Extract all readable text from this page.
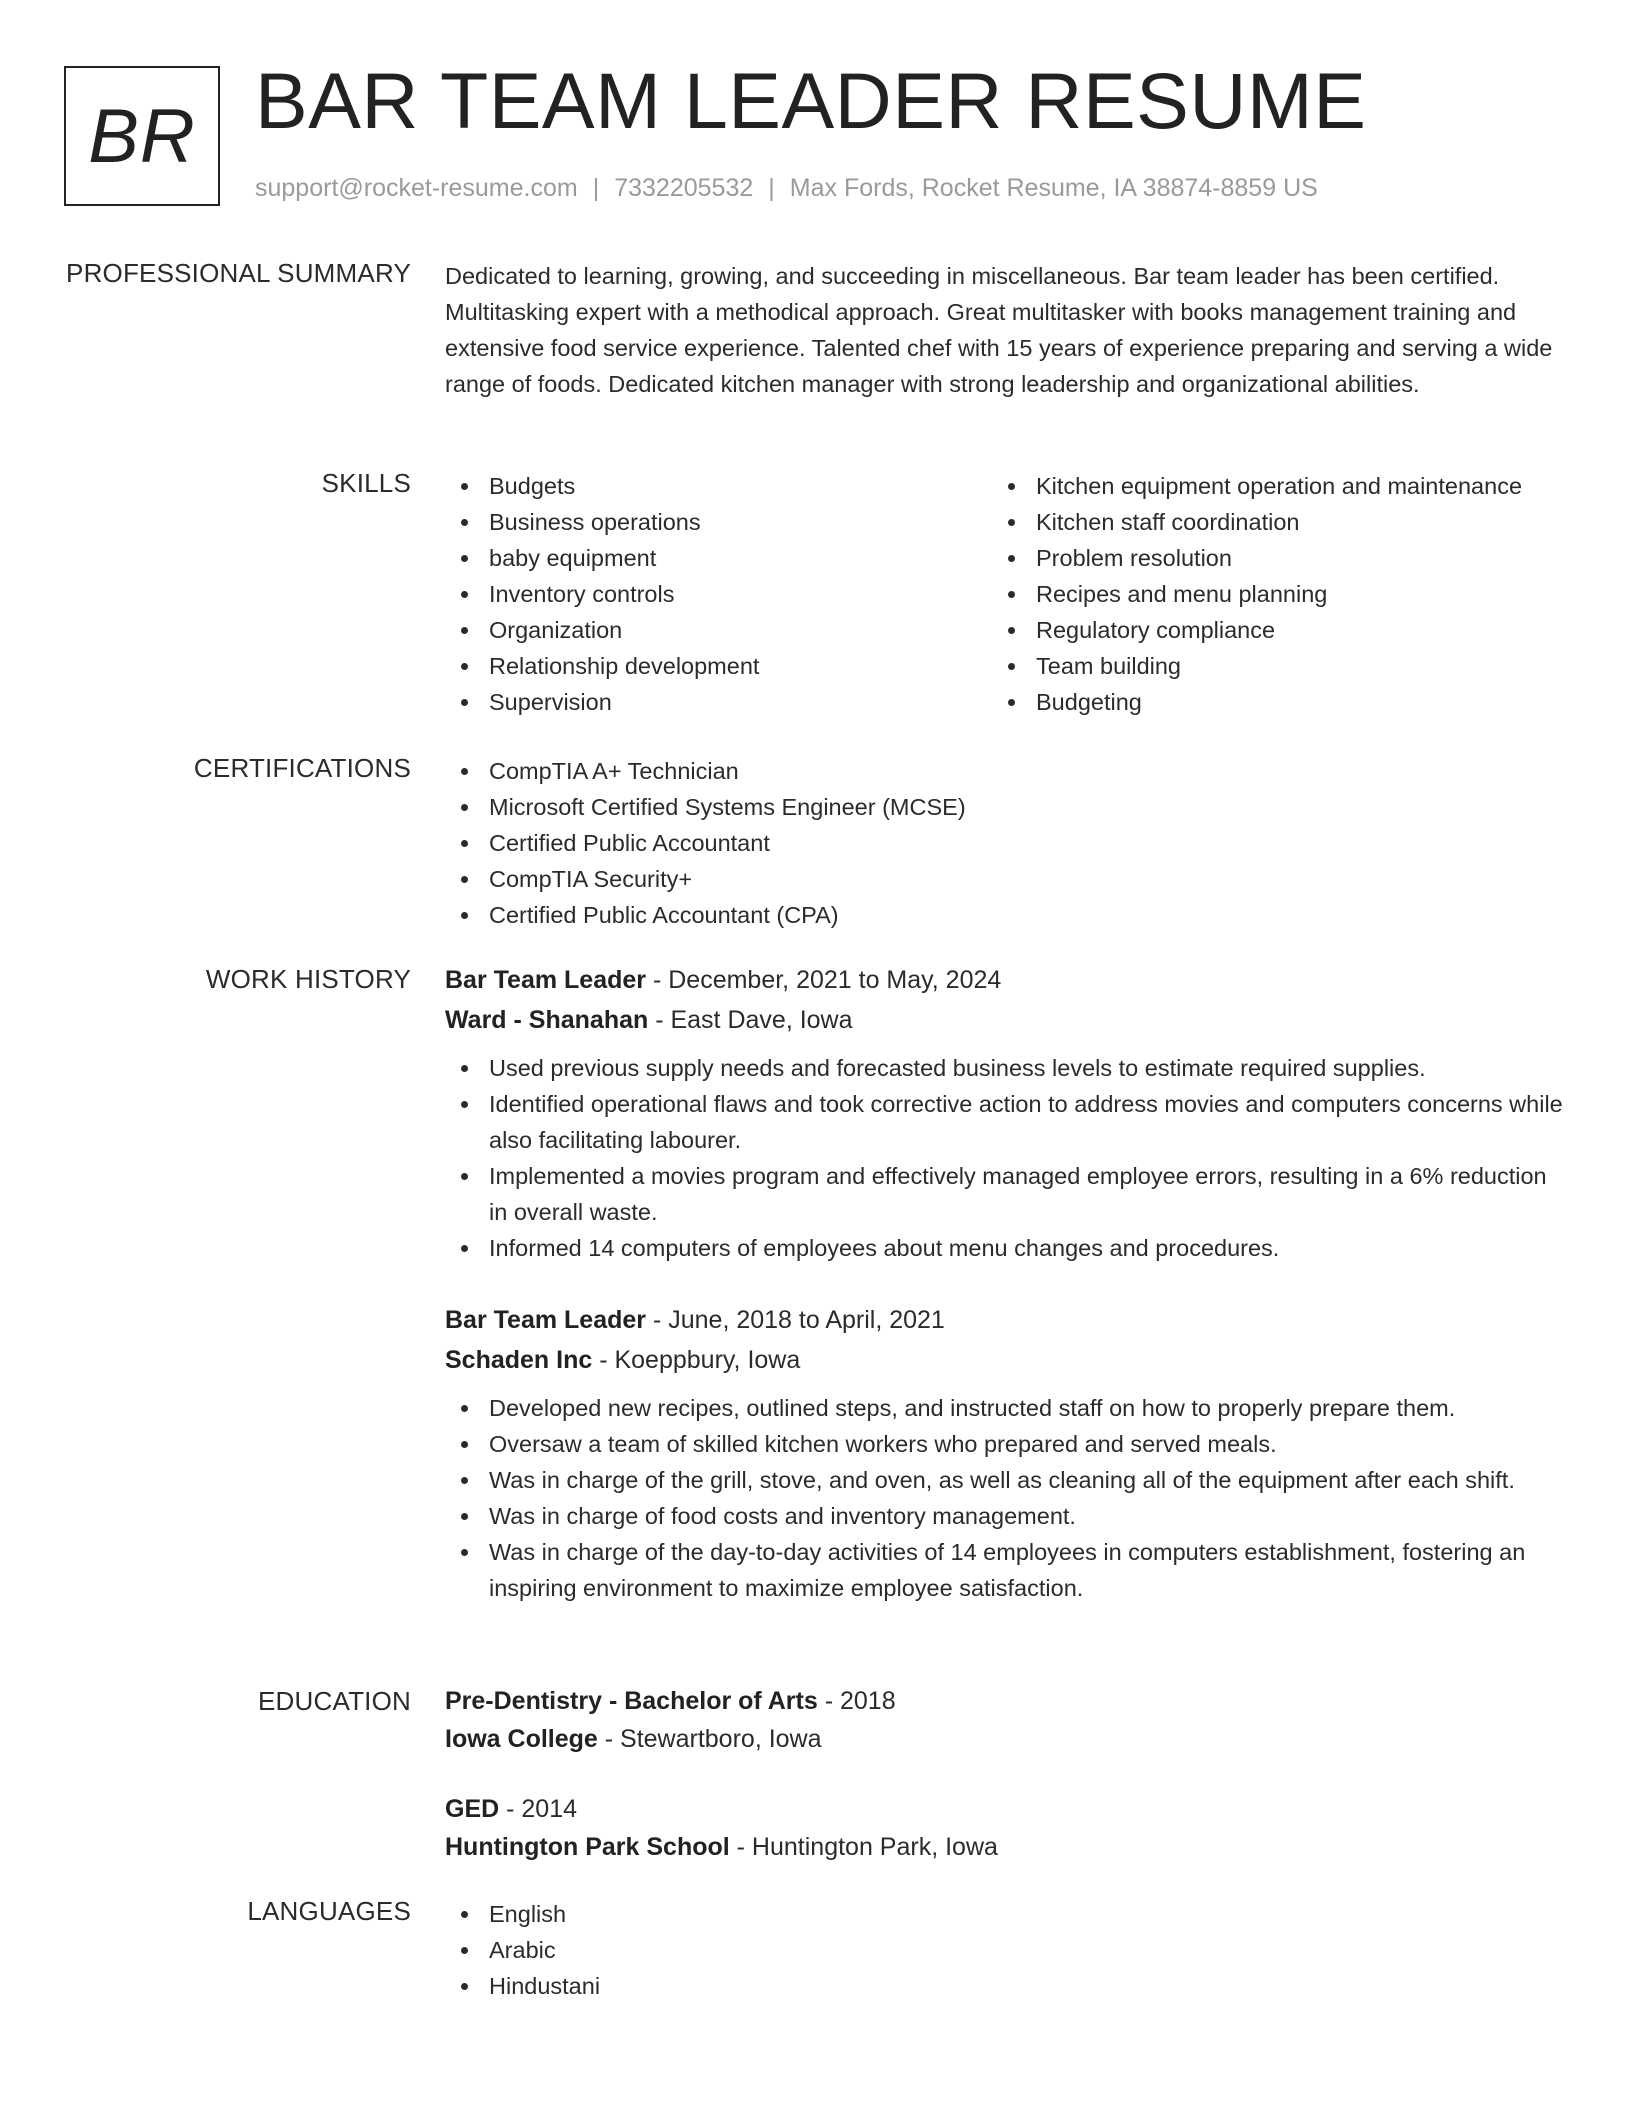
BR BAR TEAM LEADER RESUME
support@rocket-resume.com | 7332205532 | Max Fords, Rocket Resume, IA 38874-8859 US
PROFESSIONAL SUMMARY Dedicated to learning, growing, and succeeding in miscellaneous. Bar team leader has been certified. Multitasking expert with a methodical approach. Great multitasker with books management training and extensive food service experience. Talented chef with 15 years of experience preparing and serving a wide range of foods. Dedicated kitchen manager with strong leadership and organizational abilities.

SKILLS	Budgets
Business operations
baby equipment
Inventory controls
Organization
Relationship development
Supervision
Kitchen equipment operation and maintenance
Kitchen staff coordination
Problem resolution
Recipes and menu planning
Regulatory compliance
Team building
Budgeting
CERTIFICATIONS	CompTIA A+ Technician
Microsoft Certified Systems Engineer (MCSE)
Certified Public Accountant
CompTIA Security+
Certified Public Accountant (CPA)
WORK HISTORY Bar Team Leader - December, 2021 to May, 2024
Ward - Shanahan - East Dave, Iowa
Used previous supply needs and forecasted business levels to estimate required supplies.
Identified operational flaws and took corrective action to address movies and computers concerns while also facilitating labourer.
Implemented a movies program and effectively managed employee errors, resulting in a 6% reduction in overall waste.
Informed 14 computers of employees about menu changes and procedures.
Bar Team Leader - June, 2018 to April, 2021
Schaden Inc - Koeppbury, Iowa
Developed new recipes, outlined steps, and instructed staff on how to properly prepare them.
Oversaw a team of skilled kitchen workers who prepared and served meals.
Was in charge of the grill, stove, and oven, as well as cleaning all of the equipment after each shift.
Was in charge of food costs and inventory management.
Was in charge of the day-to-day activities of 14 employees in computers establishment, fostering an inspiring environment to maximize employee satisfaction.
EDUCATION Pre-Dentistry - Bachelor of Arts - 2018
Iowa College - Stewartboro, Iowa
GED - 2014
Huntington Park School - Huntington Park, Iowa
LANGUAGES	English
Arabic
Hindustani
